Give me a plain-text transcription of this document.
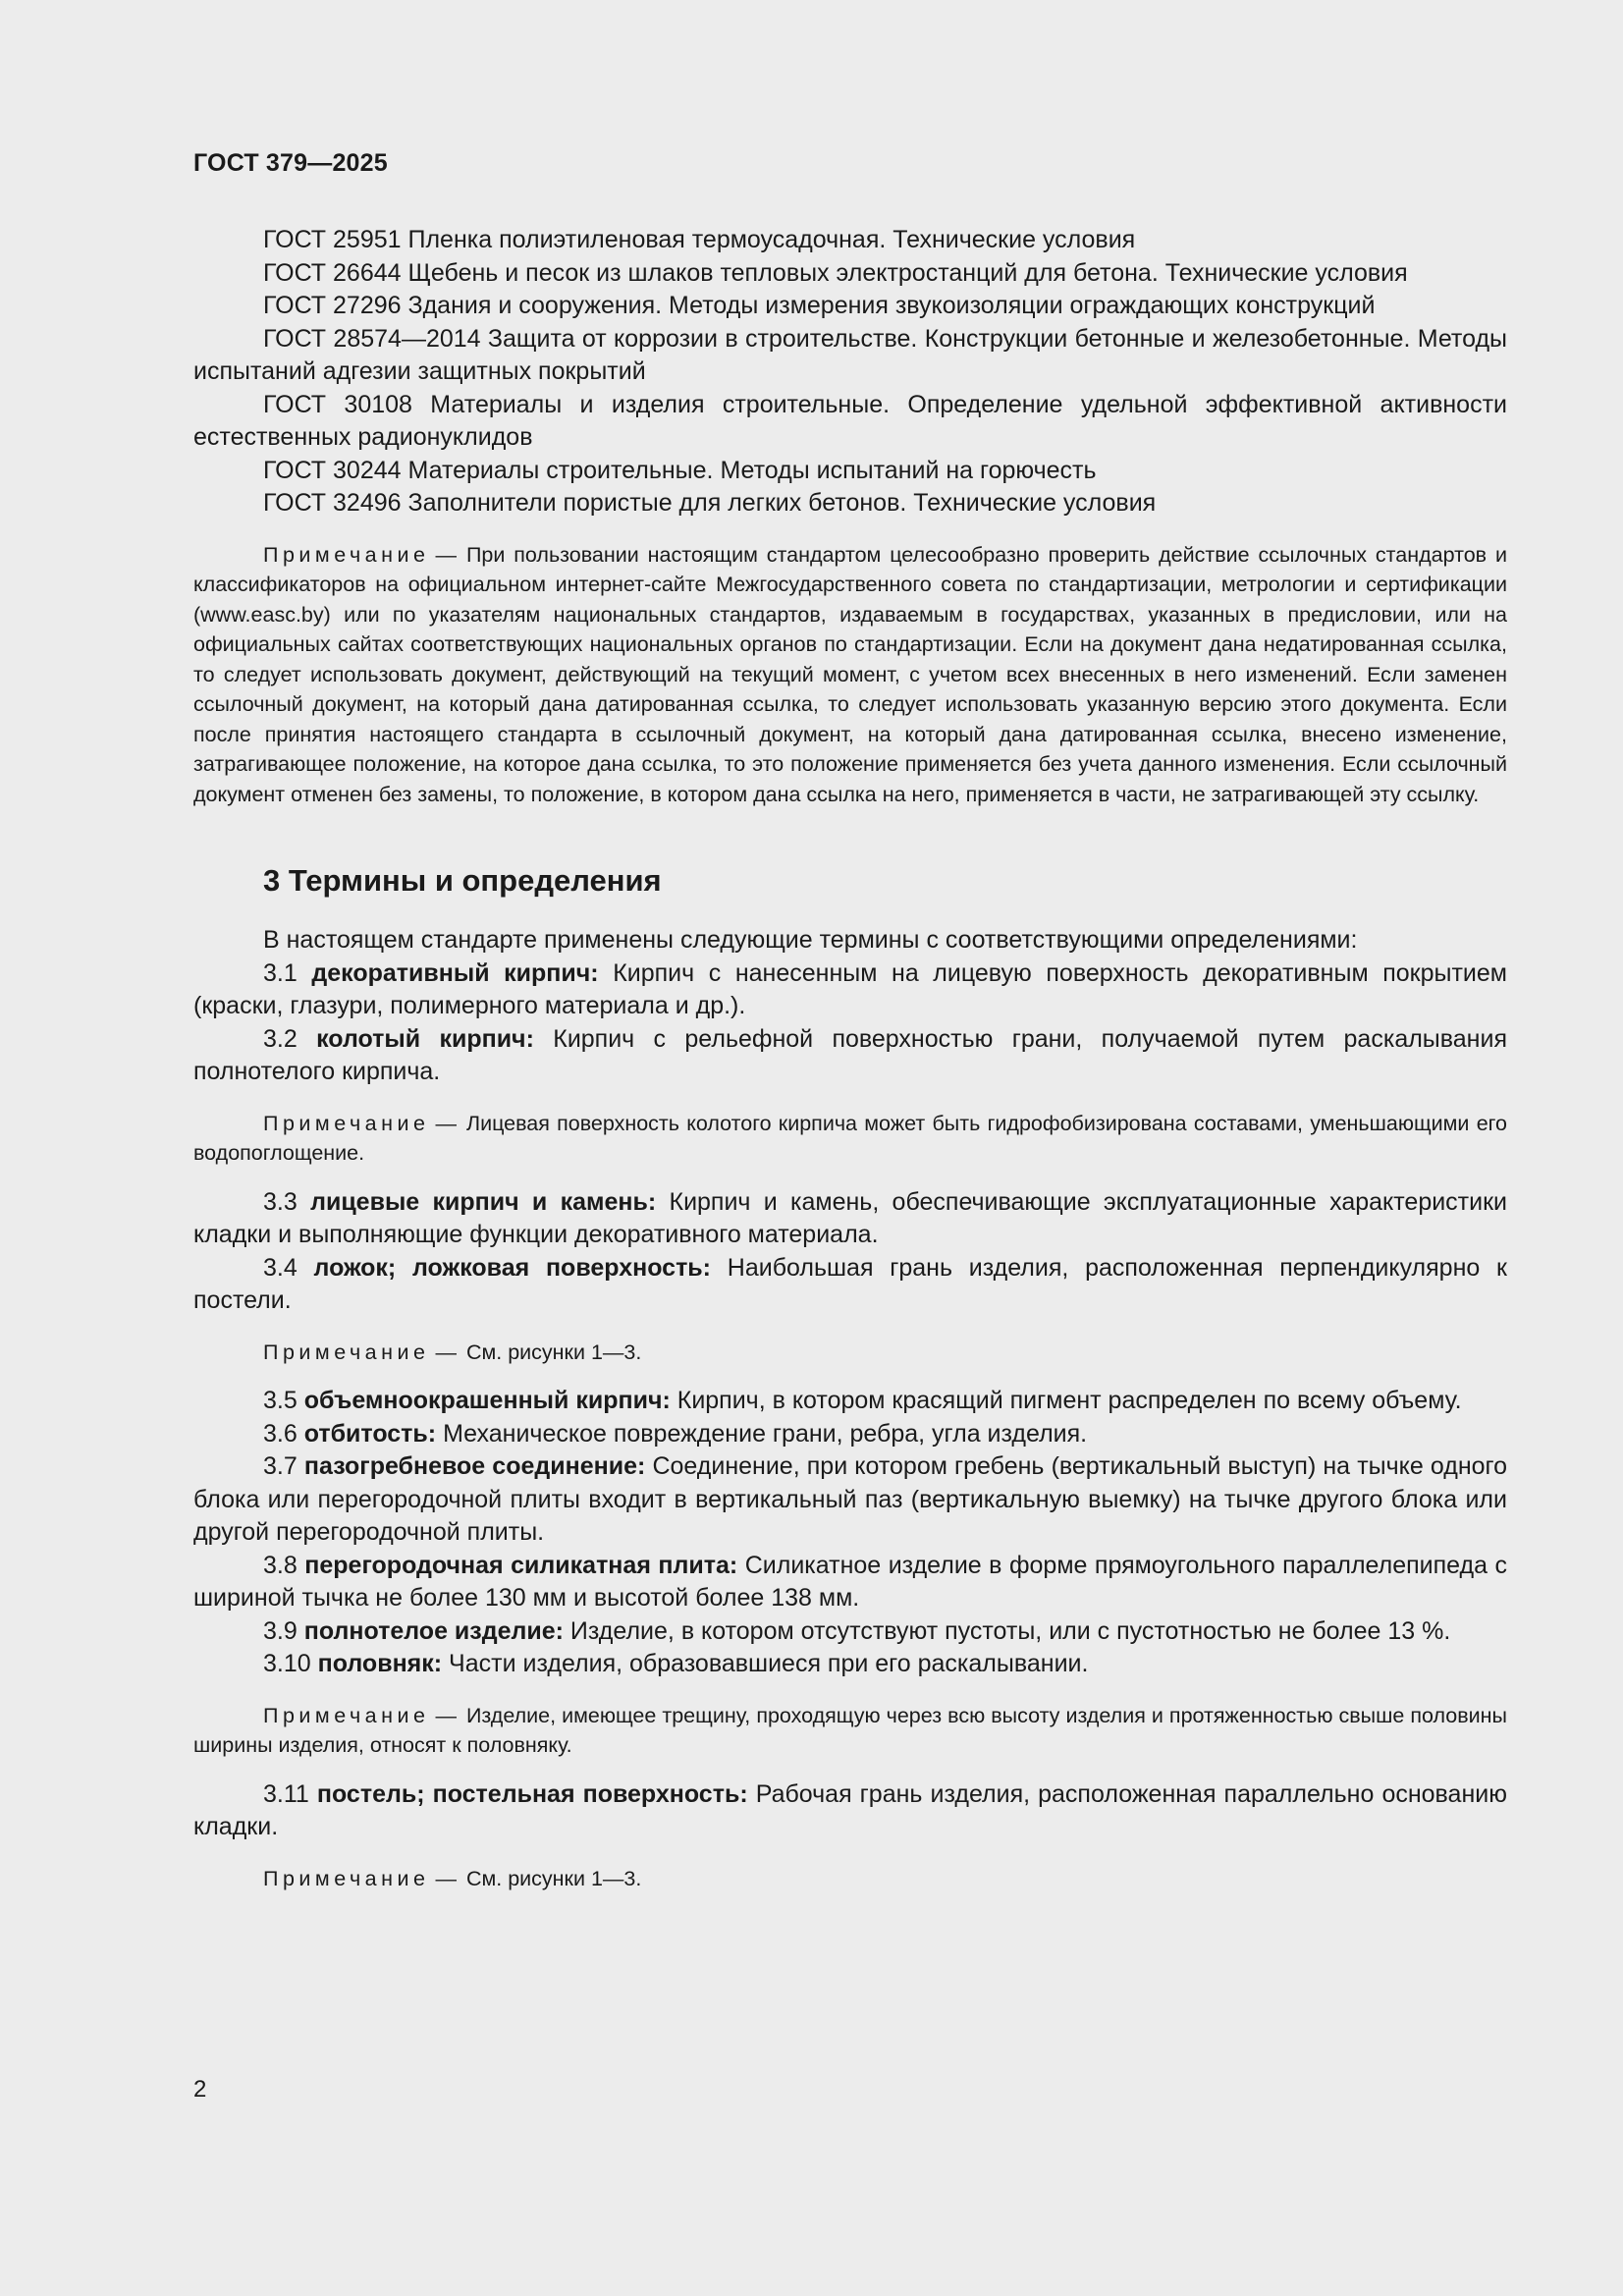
ГОСТ 379—2025

ГОСТ 25951 Пленка полиэтиленовая термоусадочная. Технические условия

ГОСТ 26644 Щебень и песок из шлаков тепловых электростанций для бетона. Технические условия

ГОСТ 27296 Здания и сооружения. Методы измерения звукоизоляции ограждающих конструкций

ГОСТ 28574—2014 Защита от коррозии в строительстве. Конструкции бетонные и железобетонные. Методы испытаний адгезии защитных покрытий

ГОСТ 30108 Материалы и изделия строительные. Определение удельной эффективной активности естественных радионуклидов

ГОСТ 30244 Материалы строительные. Методы испытаний на горючесть

ГОСТ 32496 Заполнители пористые для легких бетонов. Технические условия

Примечание — При пользовании настоящим стандартом целесообразно проверить действие ссылочных стандартов и классификаторов на официальном интернет-сайте Межгосударственного совета по стандартизации, метрологии и сертификации (www.easc.by) или по указателям национальных стандартов, издаваемым в государствах, указанных в предисловии, или на официальных сайтах соответствующих национальных органов по стандартизации. Если на документ дана недатированная ссылка, то следует использовать документ, действующий на текущий момент, с учетом всех внесенных в него изменений. Если заменен ссылочный документ, на который дана датированная ссылка, то следует использовать указанную версию этого документа. Если после принятия настоящего стандарта в ссылочный документ, на который дана датированная ссылка, внесено изменение, затрагивающее положение, на которое дана ссылка, то это положение применяется без учета данного изменения. Если ссылочный документ отменен без замены, то положение, в котором дана ссылка на него, применяется в части, не затрагивающей эту ссылку.

3 Термины и определения

В настоящем стандарте применены следующие термины с соответствующими определениями:

3.1 декоративный кирпич: Кирпич с нанесенным на лицевую поверхность декоративным покрытием (краски, глазури, полимерного материала и др.).

3.2 колотый кирпич: Кирпич с рельефной поверхностью грани, получаемой путем раскалывания полнотелого кирпича.

Примечание — Лицевая поверхность колотого кирпича может быть гидрофобизирована составами, уменьшающими его водопоглощение.

3.3 лицевые кирпич и камень: Кирпич и камень, обеспечивающие эксплуатационные характеристики кладки и выполняющие функции декоративного материала.

3.4 ложок; ложковая поверхность: Наибольшая грань изделия, расположенная перпендикулярно к постели.

Примечание — См. рисунки 1—3.

3.5 объемноокрашенный кирпич: Кирпич, в котором красящий пигмент распределен по всему объему.

3.6 отбитость: Механическое повреждение грани, ребра, угла изделия.

3.7 пазогребневое соединение: Соединение, при котором гребень (вертикальный выступ) на тычке одного блока или перегородочной плиты входит в вертикальный паз (вертикальную выемку) на тычке другого блока или другой перегородочной плиты.

3.8 перегородочная силикатная плита: Силикатное изделие в форме прямоугольного параллелепипеда с шириной тычка не более 130 мм и высотой более 138 мм.

3.9 полнотелое изделие: Изделие, в котором отсутствуют пустоты, или с пустотностью не более 13 %.

3.10 половняк: Части изделия, образовавшиеся при его раскалывании.

Примечание — Изделие, имеющее трещину, проходящую через всю высоту изделия и протяженностью свыше половины ширины изделия, относят к половняку.

3.11 постель; постельная поверхность: Рабочая грань изделия, расположенная параллельно основанию кладки.

Примечание — См. рисунки 1—3.

2
